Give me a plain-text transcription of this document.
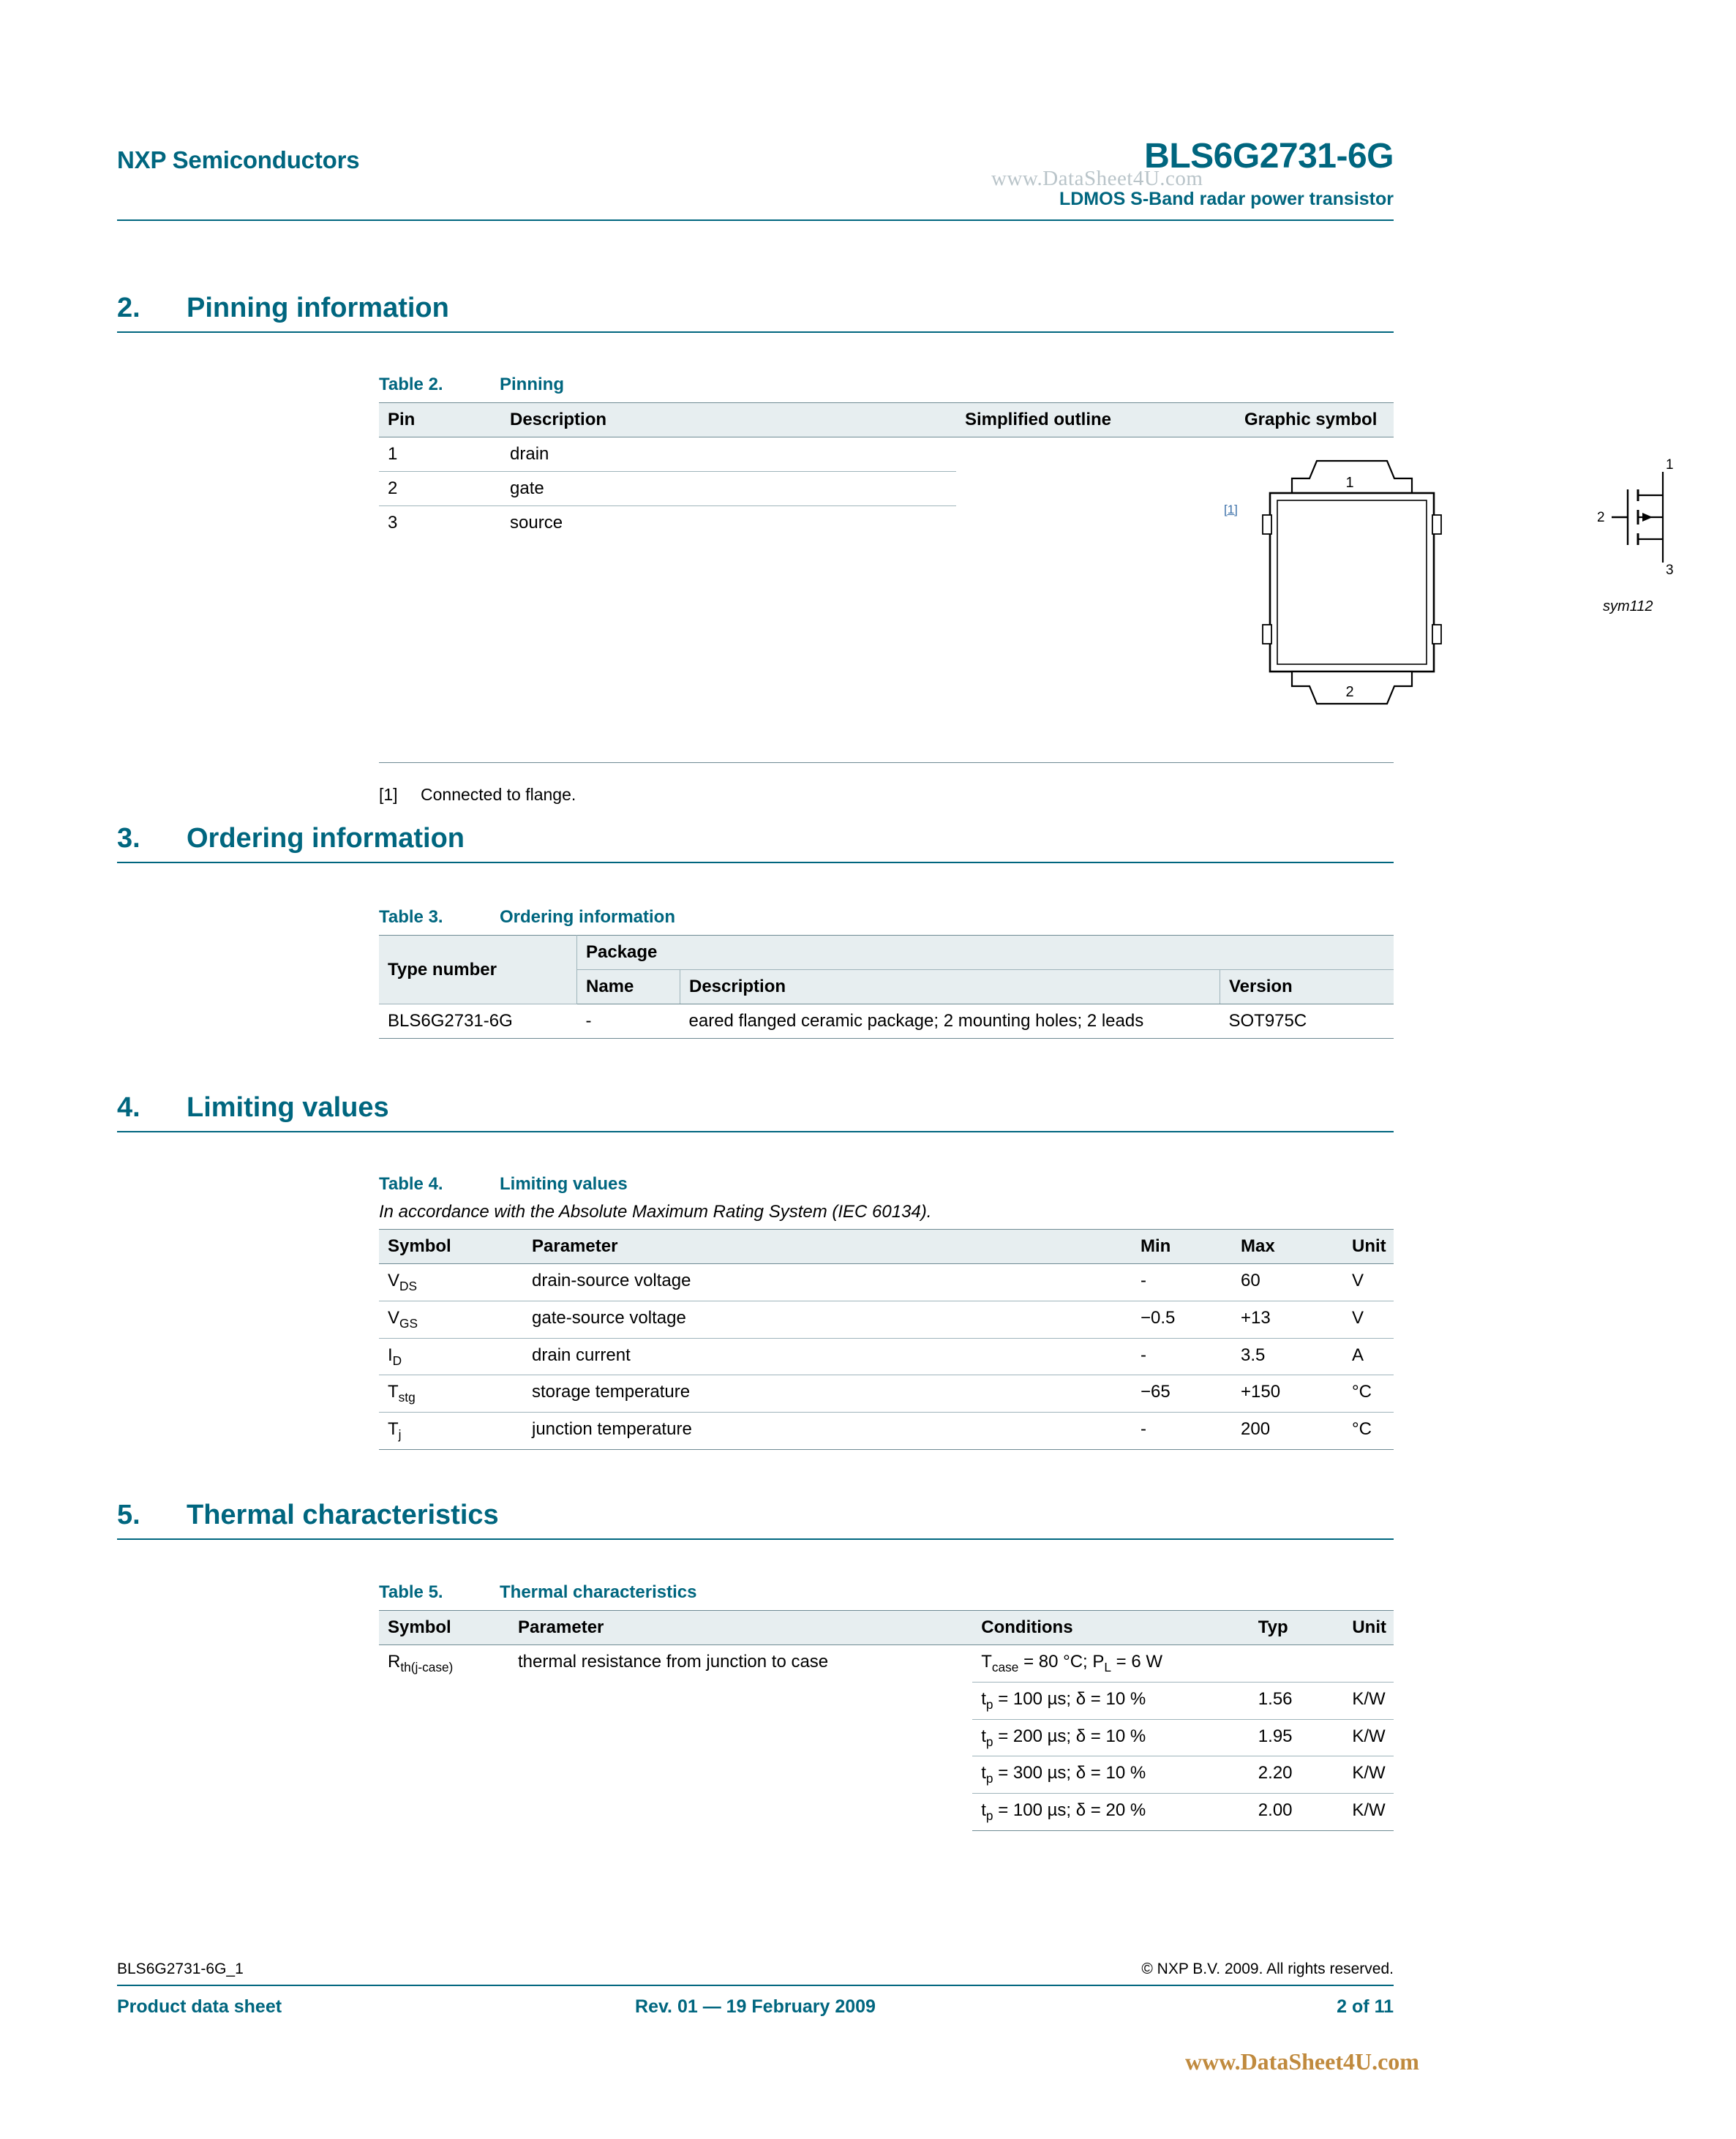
NXP Semiconductors	BLS6G2731-6G
LDMOS S-Band radar power transistor
www.DataSheet4U.com
2.	Pinning information
Table 2.	Pinning
Pin	Description	Simplified outline	Graphic symbol
1	drain		
2	gate		
3	source		
[1]
1
2
1
2
3
sym112
[1] Connected to flange.
3.	Ordering information
Table 3.	Ordering information
Type number	Package		
	Name	Description	Version
BLS6G2731-6G	-	eared flanged ceramic package; 2 mounting holes; 2 leads	SOT975C
4.	Limiting values
Table 4.	Limiting values
In accordance with the Absolute Maximum Rating System (IEC 60134).
Symbol	Parameter	Min	Max	Unit
$V_{DS}$	drain-source voltage	-	60	V
$V_{GS}$	gate-source voltage	−0.5	+13	V
$I_D$	drain current	-	3.5	A
$T_{stg}$	storage temperature	−65	+150	°C
$T_j$	junction temperature	-	200	°C
5.	Thermal characteristics
Table 5.	Thermal characteristics
Symbol	Parameter	Conditions	Typ	Unit
$R_{th(j-case)}$	thermal resistance from junction to case	$T_{case} = 80$ °C; $P_L = 6$ W		
		$t_p = 100$ µs; δ = 10 %	1.56	K/W
		$t_p = 200$ µs; δ = 10 %	1.95	K/W
		$t_p = 300$ µs; δ = 10 %	2.20	K/W
		$t_p = 100$ µs; δ = 20 %	2.00	K/W
BLS6G2731-6G_1	© NXP B.V. 2009. All rights reserved.
Product data sheet	Rev. 01 — 19 February 2009	2 of 11
www.DataSheet4U.com
